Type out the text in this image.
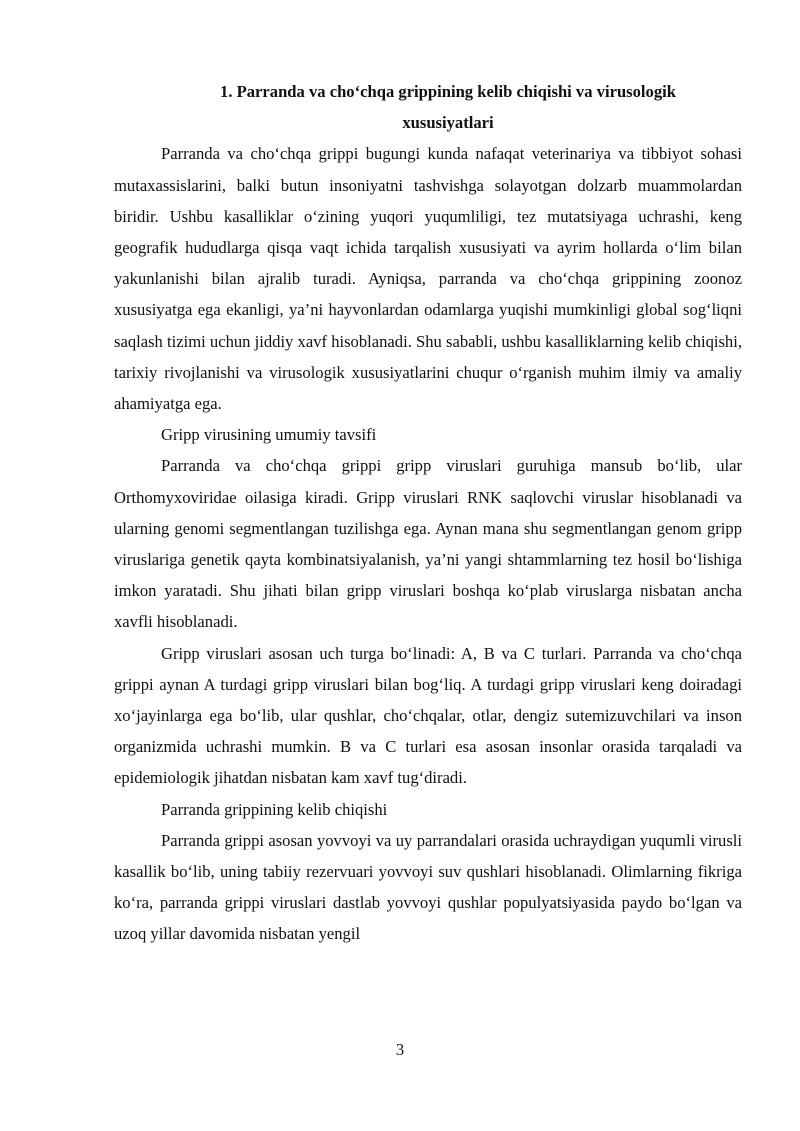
1. Parranda va cho‘chqa grippining kelib chiqishi va virusologik
xususiyatlari

Parranda va cho‘chqa grippi bugungi kunda nafaqat veterinariya va tibbiyot sohasi mutaxassislarini, balki butun insoniyatni tashvishga solayotgan dolzarb muammolardan biridir. Ushbu kasalliklar o‘zining yuqori yuqumliligi, tez mutatsiyaga uchrashi, keng geografik hududlarga qisqa vaqt ichida tarqalish xususiyati va ayrim hollarda o‘lim bilan yakunlanishi bilan ajralib turadi. Ayniqsa, parranda va cho‘chqa grippining zoonoz xususiyatga ega ekanligi, ya’ni hayvonlardan odamlarga yuqishi mumkinligi global sog‘liqni saqlash tizimi uchun jiddiy xavf hisoblanadi. Shu sababli, ushbu kasalliklarning kelib chiqishi, tarixiy rivojlanishi va virusologik xususiyatlarini chuqur o‘rganish muhim ilmiy va amaliy ahamiyatga ega.

Gripp virusining umumiy tavsifi

Parranda va cho‘chqa grippi gripp viruslari guruhiga mansub bo‘lib, ular Orthomyxoviridae oilasiga kiradi. Gripp viruslari RNK saqlovchi viruslar hisoblanadi va ularning genomi segmentlangan tuzilishga ega. Aynan mana shu segmentlangan genom gripp viruslariga genetik qayta kombinatsiyalanish, ya’ni yangi shtammlarning tez hosil bo‘lishiga imkon yaratadi. Shu jihati bilan gripp viruslari boshqa ko‘plab viruslarga nisbatan ancha xavfli hisoblanadi.

Gripp viruslari asosan uch turga bo‘linadi: A, B va C turlari. Parranda va cho‘chqa grippi aynan A turdagi gripp viruslari bilan bog‘liq. A turdagi gripp viruslari keng doiradagi xo‘jayinlarga ega bo‘lib, ular qushlar, cho‘chqalar, otlar, dengiz sutemizuvchilari va inson organizmida uchrashi mumkin. B va C turlari esa asosan insonlar orasida tarqaladi va epidemiologik jihatdan nisbatan kam xavf tug‘diradi.

Parranda grippining kelib chiqishi

Parranda grippi asosan yovvoyi va uy parrandalari orasida uchraydigan yuqumli virusli kasallik bo‘lib, uning tabiiy rezervuari yovvoyi suv qushlari hisoblanadi. Olimlarning fikriga ko‘ra, parranda grippi viruslari dastlab yovvoyi qushlar populyatsiyasida paydo bo‘lgan va uzoq yillar davomida nisbatan yengil

3
